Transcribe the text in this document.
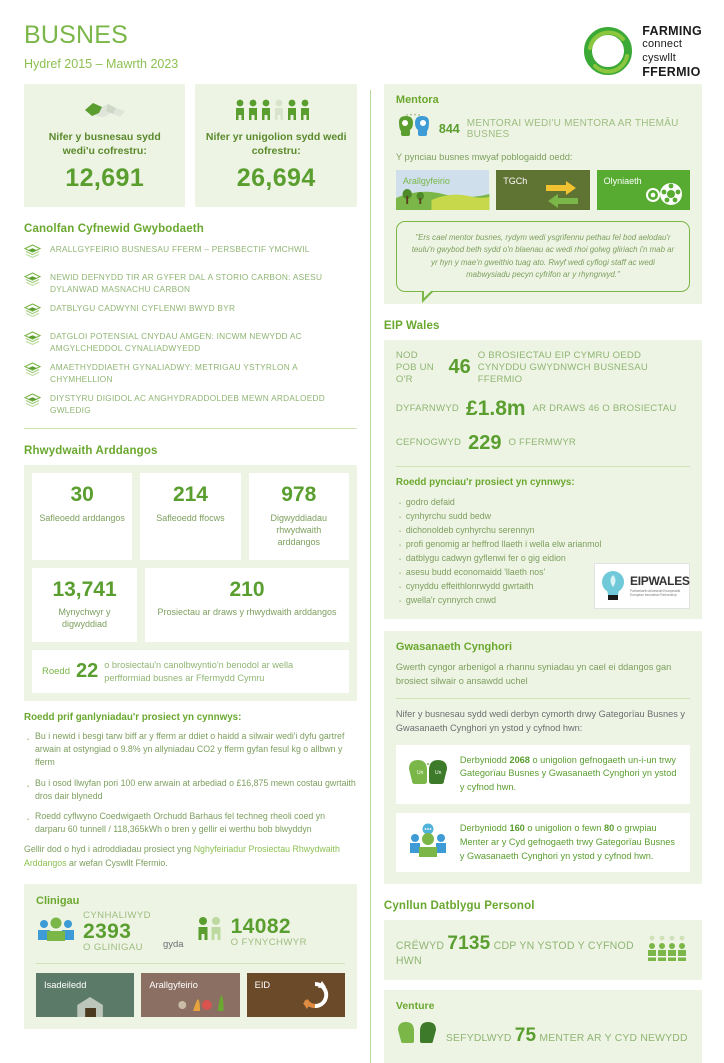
BUSNES
Hydref 2015 – Mawrth 2023
FARMING
connect
cyswllt
FFERMIO
Nifer y busnesau sydd wedi'u cofrestru:
12,691
Nifer yr unigolion sydd wedi cofrestru:
26,694
Canolfan Cyfnewid Gwybodaeth
ARALLGYFEIRIO BUSNESAU FFERM – PERSBECTIF YMCHWIL
NEWID DEFNYDD TIR AR GYFER DAL A STORIO CARBON: ASESU DYLANWAD MASNACHU CARBON
DATBLYGU CADWYNI CYFLENWI BWYD BYR
DATGLOI POTENSIAL CNYDAU AMGEN: INCWM NEWYDD AC AMGYLCHEDDOL CYNALIADWYEDD
AMAETHYDDIAETH GYNALIADWY: METRIGAU YSTYRLON A CHYMHELLION
DIYSTYRU DIGIDOL AC ANGHYDRADDOLDEB MEWN ARDALOEDD GWLEDIG
Rhwydwaith Arddangos
30
Safleoedd arddangos
214
Safleoedd ffocws
978
Digwyddiadau rhwydwaith arddangos
13,741
Mynychwyr y digwyddiad
210
Prosiectau ar draws y rhwydwaith arddangos
Roedd 22 o brosiectau'n canolbwyntio'n benodol ar wella perfformiad busnes ar Ffermydd Cymru
Roedd prif ganlyniadau'r prosiect yn cynnwys:
· Bu i newid i besgi tarw biff ar y fferm ar ddiet o haidd a silwair wedi'i dyfu gartref arwain at ostyngiad o 9.8% yn allyniadau CO2 y fferm gyfan fesul kg o allbwn y fferm
· Bu i osod llwyfan pori 100 erw arwain at arbediad o £16,875 mewn costau gwrtaith dros dair blynedd
· Roedd cyflwyno Coedwigaeth Orchudd Barhaus fel techneg rheoli coed yn darparu 60 tunnell / 118,365kWh o bren y gellir ei werthu bob blwyddyn
Gellir dod o hyd i adroddiadau prosiect yng Nghyfeiriadur Prosiectau Rhwydwaith Arddangos ar wefan Cyswllt Ffermio.
Clinigau
CYNHALIWYD
2393
O GLINIGAU	gyda
14082
O FYNYCHWYR
Isadeiledd	Arallgyfeirio	EID
Mentora
844 MENTORAI WEDI'U MENTORA AR THEMÂU BUSNES
Y pynciau busnes mwyaf poblogaidd oedd:
Arallgyfeirio	TGCh	Olyniaeth
"Ers cael mentor busnes, rydym wedi ysgrifennu pethau fel bod aelodau'r teulu'n gwybod beth sydd o'n blaenau ac wedi rhoi golwg gliriach i'n mab ar yr hyn y mae'n gweithio tuag ato. Rwyf wedi cyflogi staff ac wedi mabwysiadu pecyn cyfrifon ar y rhyngrwyd."
EIP Wales
NOD POB UN O'R
46
O BROSIECTAU EIP CYMRU OEDD CYNYDDU GWYDNWCH BUSNESAU FFERMIO
DYFARNWYD £1.8m AR DRAWS 46 O BROSIECTAU
CEFNOGWYD 229 O FFERMWYR
Roedd pynciau'r prosiect yn cynnwys:
· godro defaid
· cynhyrchu sudd bedw
· dichonoldeb cynhyrchu serennyn
· profi genomig ar heffrod llaeth i wella elw arianmol
· datblygu cadwyn gyflenwi fer o gig eidion
· asesu budd economaidd 'llaeth nos'
· cynyddu effeithlonrwydd gwrtaith
· gwella'r cynnyrch cnwd
EIPWALES
Partneriaeth Arloesedd Ewropeaidd
European Innovation Partnership
Gwasanaeth Cynghori
Gwerth cyngor arbenigol a rhannu syniadau yn cael ei ddangos gan brosiect silwair o ansawdd uchel
Nifer y busnesau sydd wedi derbyn cymorth drwy Gategorïau Busnes y Gwasanaeth Cynghori yn ystod y cyfnod hwn:
Un Un
Derbyniodd 2068 o unigolion gefnogaeth un-i-un trwy Gategorïau Busnes y Gwasanaeth Cynghori yn ystod y cyfnod hwn.
Derbyniodd 160 o unigolion o fewn 80 o grwpiau Menter ar y Cyd gefnogaeth trwy Gategorïau Busnes y Gwasanaeth Cynghori yn ystod y cyfnod hwn.
Cynllun Datblygu Personol
CRËWYD 7135 CDP YN YSTOD Y CYFNOD HWN
Venture
SEFYDLWYD 75 MENTER AR Y CYD NEWYDD
